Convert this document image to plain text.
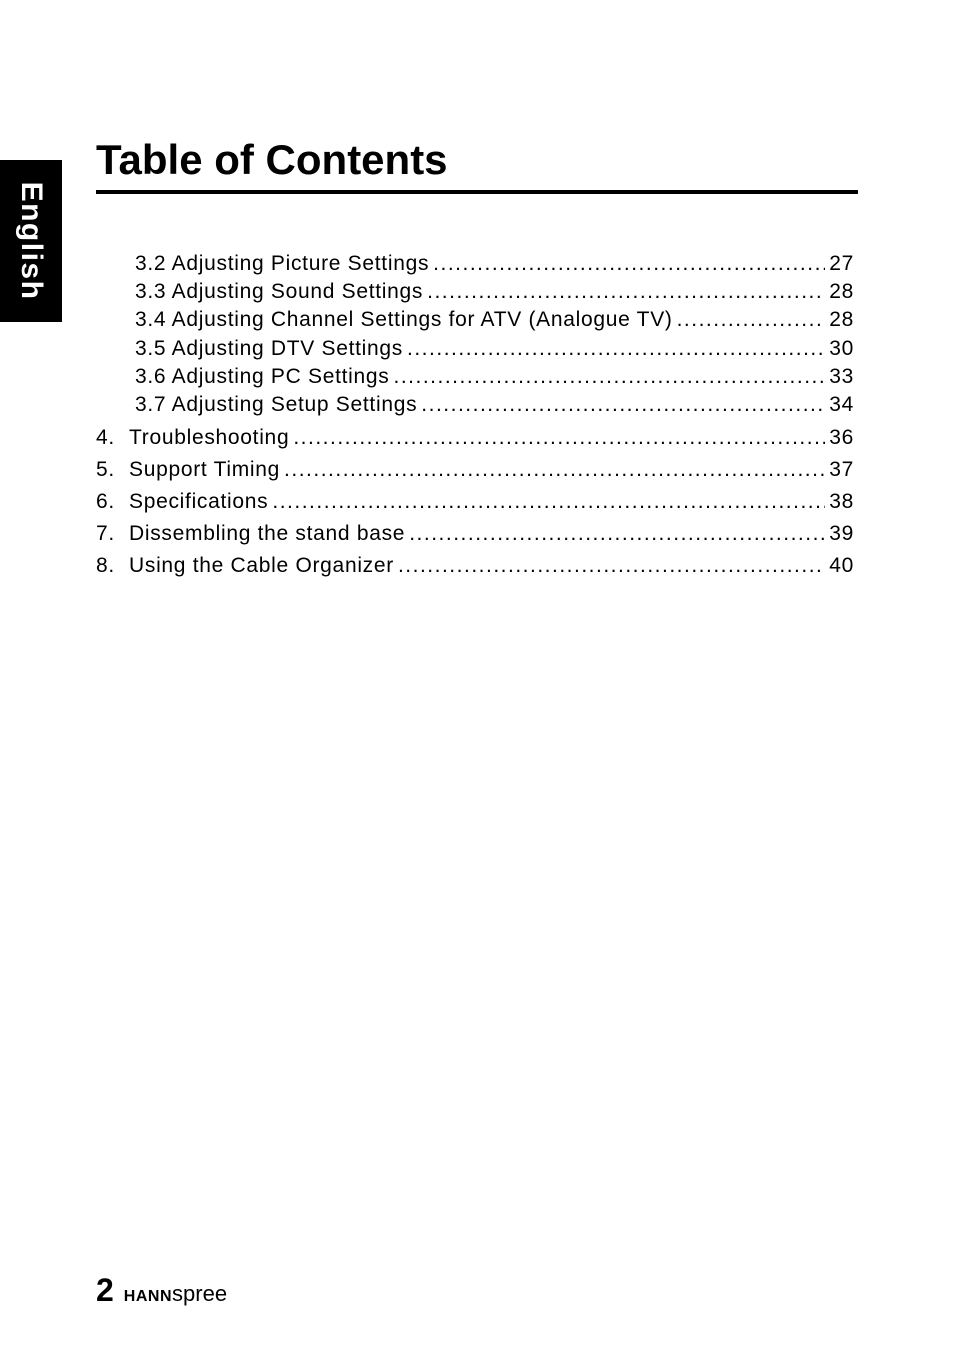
English
Table of Contents
3.2 Adjusting Picture Settings .....	27
3.3 Adjusting Sound Settings .....	28
3.4 Adjusting Channel Settings for ATV (Analogue TV) .....	28
3.5 Adjusting DTV Settings .....	30
3.6 Adjusting PC Settings .....	33
3.7 Adjusting Setup Settings .....	34
4. Troubleshooting .....	36
5. Support Timing .....	37
6. Specifications .....	38
7. Dissembling the stand base .....	39
8. Using the Cable Organizer .....	40
2 HANNspree
